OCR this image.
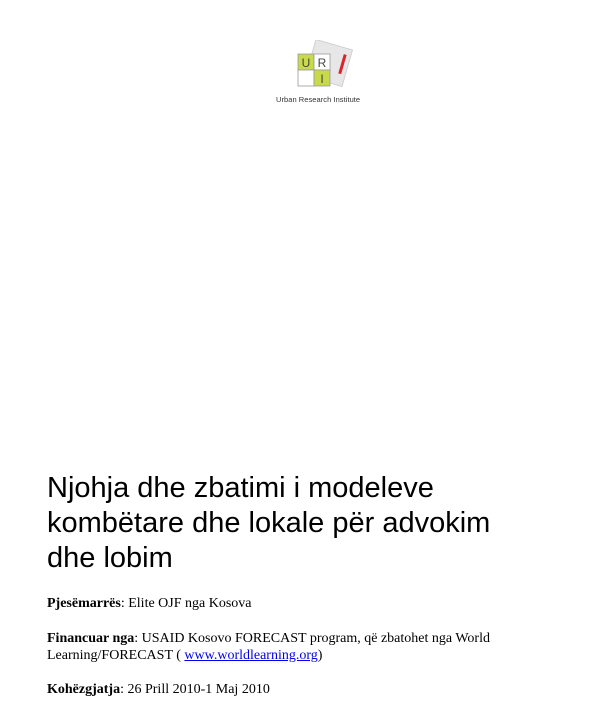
U R
I
Urban Research Institute
Njohja dhe zbatimi i modeleve
kombëtare dhe lokale për advokim
dhe lobim

Pjesëmarrës: Elite OJF nga Kosova

Financuar nga: USAID Kosovo FORECAST program, që zbatohet nga World Learning/FORECAST ( www.worldlearning.org)

Kohëzgjatja: 26 Prill 2010-1 Maj 2010
